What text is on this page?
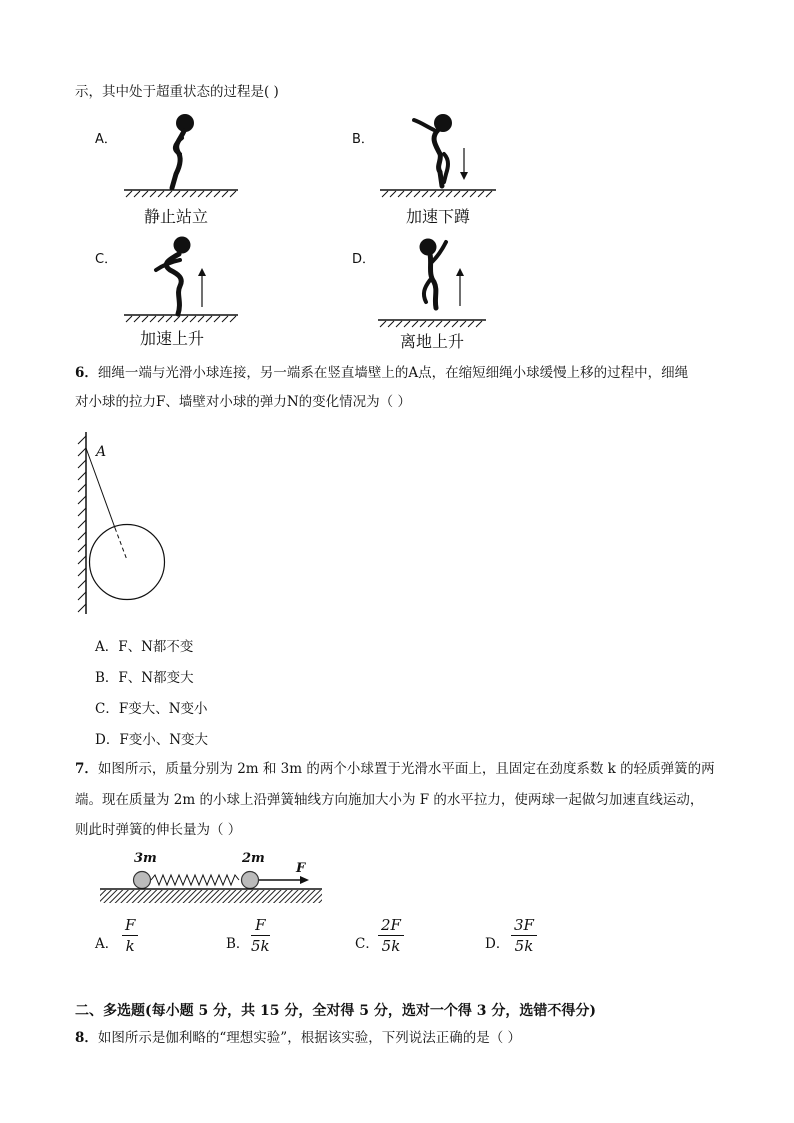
示，其中处于超重状态的过程是( )
A．
静止站立
B．
加速下蹲
C．
加速上升
D．
离地上升
6．细绳一端与光滑小球连接，另一端系在竖直墙壁上的A点，在缩短细绳小球缓慢上移的过程中，细绳
对小球的拉力F、墙壁对小球的弹力N的变化情况为（ ）
A
A．F、N都不变
B．F、N都变大
C．F变大、N变小
D．F变小、N变大
7．如图所示，质量分别为 2m 和 3m 的两个小球置于光滑水平面上，且固定在劲度系数 k 的轻质弹簧的两
端。现在质量为 2m 的小球上沿弹簧轴线方向施加大小为 F 的水平拉力，使两球一起做匀加速直线运动，
则此时弹簧的伸长量为（ ）
3m	2m
F
A． $\frac{F}{k}$	B． $\frac{F}{5k}$	C． $\frac{2F}{5k}$	D． $\frac{3F}{5k}$
二、多选题(每小题 5 分，共 15 分，全对得 5 分，选对一个得 3 分，选错不得分)
8．如图所示是伽利略的“理想实验”，根据该实验，下列说法正确的是（ ）
